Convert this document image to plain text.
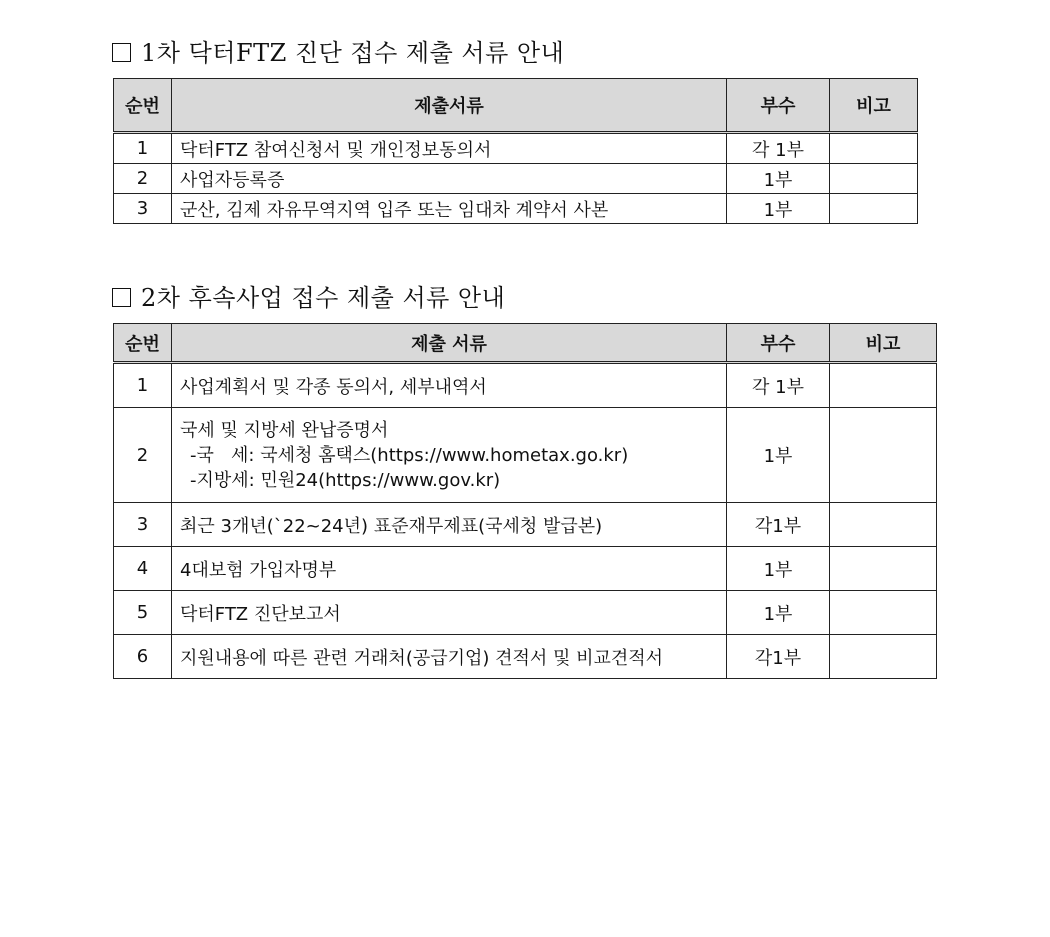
1차 닥터FTZ 진단 접수 제출 서류 안내
순번	제출서류	부수	비고
1	닥터FTZ 참여신청서 및 개인정보동의서	각 1부	
2	사업자등록증	1부	
3	군산, 김제 자유무역지역 입주 또는 임대차 계약서 사본	1부	
2차 후속사업 접수 제출 서류 안내
순번	제출 서류	부수	비고
1	사업계획서 및 각종 동의서, 세부내역서	각 1부	
2	국세 및 지방세 완납증명서
-국   세: 국세청 홈택스(https://www.hometax.go.kr)
-지방세: 민원24(https://www.gov.kr)	1부	
3	최근 3개년(`22~24년) 표준재무제표(국세청 발급본)	각1부	
4	4대보험 가입자명부	1부	
5	닥터FTZ 진단보고서	1부	
6	지원내용에 따른 관련 거래처(공급기업) 견적서 및 비교견적서	각1부	
